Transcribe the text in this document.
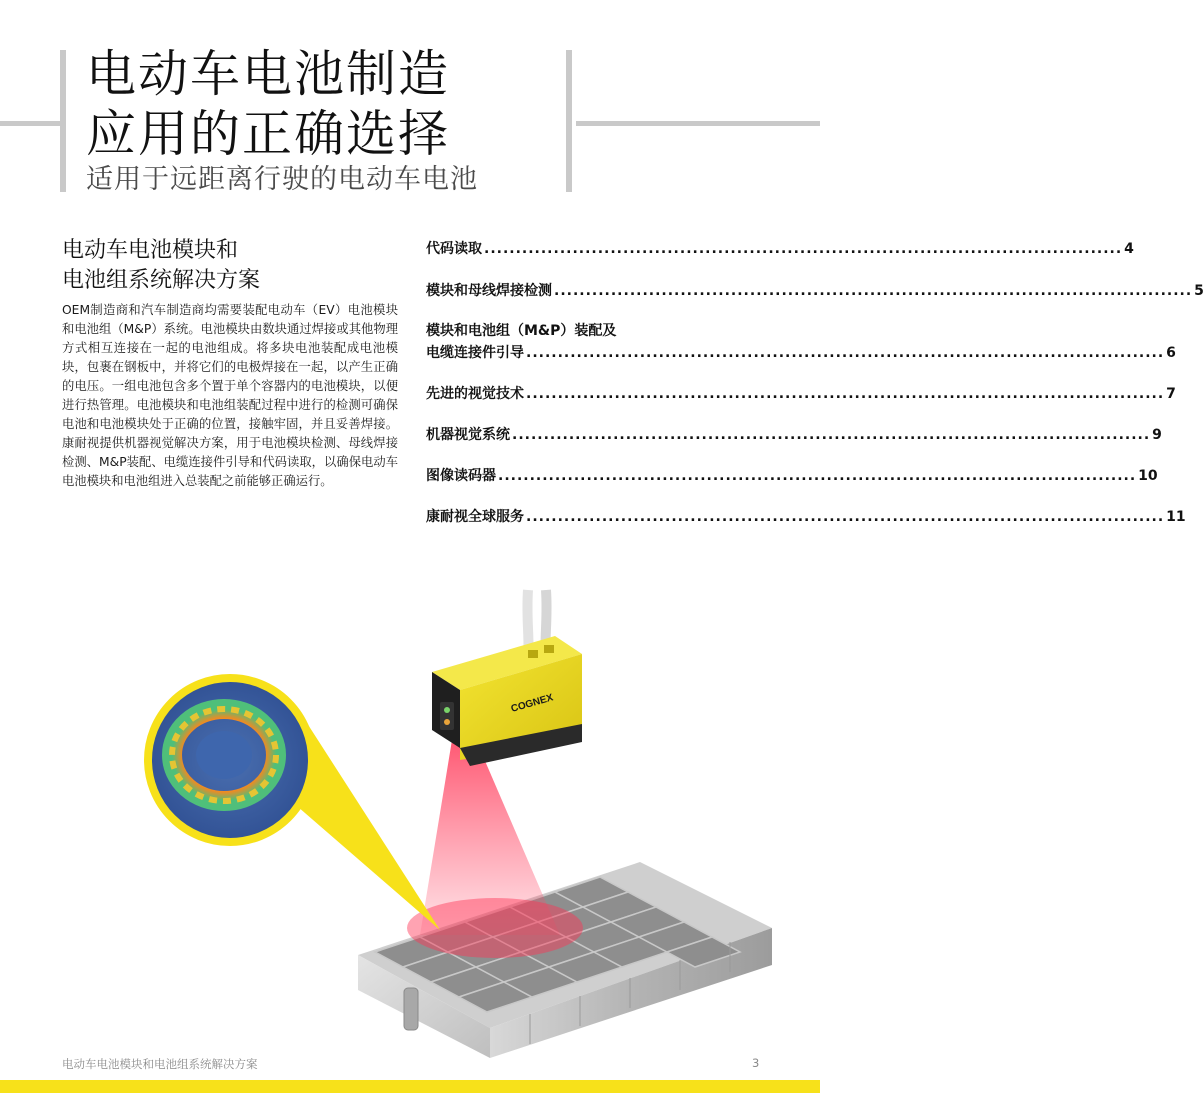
电动车电池制造
应用的正确选择
适用于远距离行驶的电动车电池
电动车电池模块和
电池组系统解决方案
OEM制造商和汽车制造商均需要装配电动车（EV）电池模块和电池组（M&P）系统。电池模块由数块通过焊接或其他物理方式相互连接在一起的电池组成。将多块电池装配成电池模块，包裹在钢板中，并将它们的电极焊接在一起，以产生正确的电压。一组电池包含多个置于单个容器内的电池模块，以便进行热管理。电池模块和电池组装配过程中进行的检测可确保电池和电池模块处于正确的位置，接触牢固，并且妥善焊接。康耐视提供机器视觉解决方案，用于电池模块检测、母线焊接检测、M&P装配、电缆连接件引导和代码读取，以确保电动车电池模块和电池组进入总装配之前能够正确运行。
代码读取 ..................................................................................................... 4
模块和母线焊接检测 ..................................................................................................... 5
模块和电池组（M&P）装配及
电缆连接件引导 ..................................................................................................... 6
先进的视觉技术 ..................................................................................................... 7
机器视觉系统 ..................................................................................................... 9
图像读码器 ..................................................................................................... 10
康耐视全球服务 ..................................................................................................... 11
COGNEX
电动车电池模块和电池组系统解决方案	3
